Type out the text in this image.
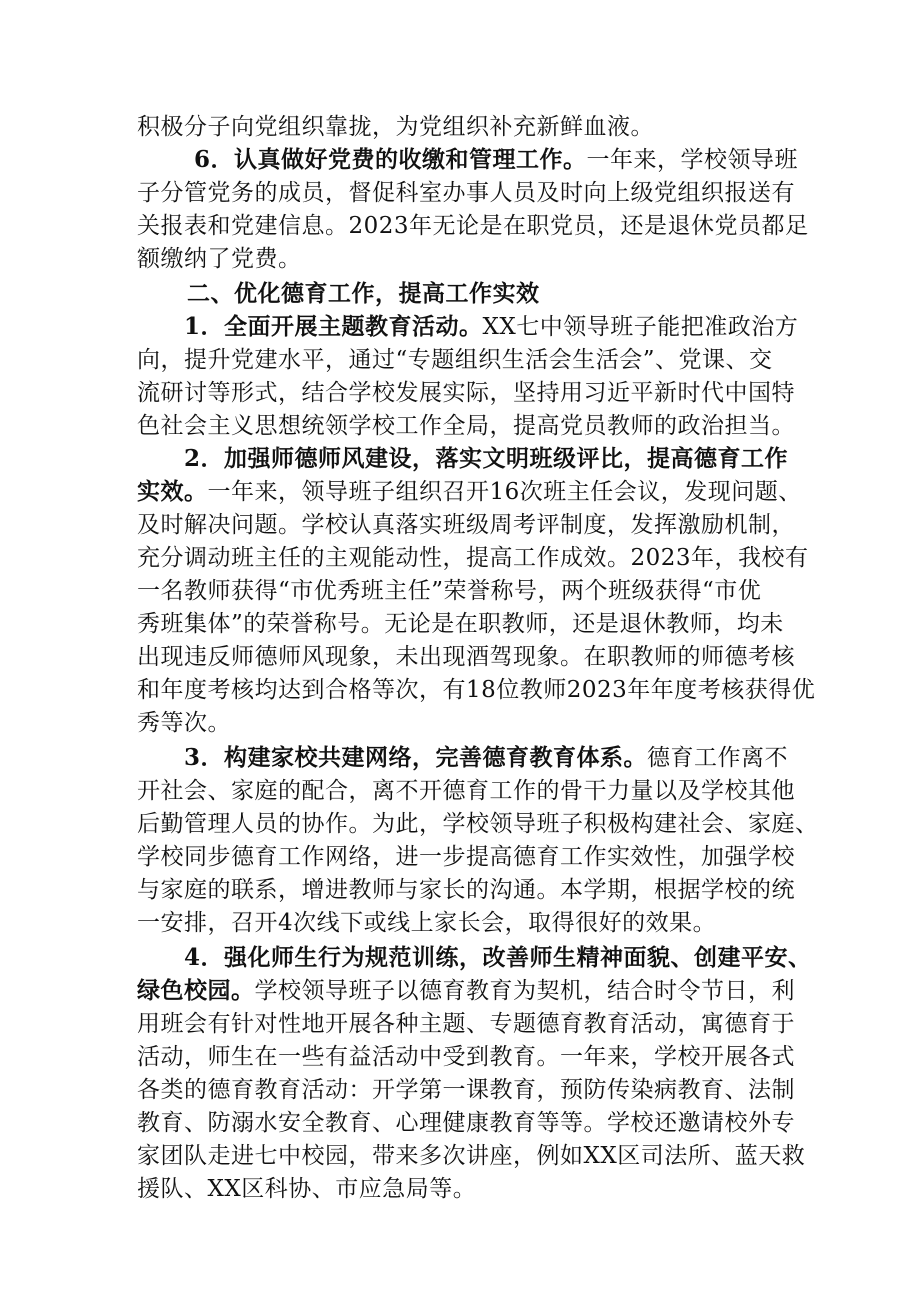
积极分子向党组织靠拢，为党组织补充新鲜血液。
6．认真做好党费的收缴和管理工作。一年来，学校领导班
子分管党务的成员，督促科室办事人员及时向上级党组织报送有
关报表和党建信息。2023年无论是在职党员，还是退休党员都足
额缴纳了党费。
二、优化德育工作，提高工作实效
1．全面开展主题教育活动。XX七中领导班子能把准政治方
向，提升党建水平，通过“专题组织生活会生活会”、党课、交
流研讨等形式，结合学校发展实际，坚持用习近平新时代中国特
色社会主义思想统领学校工作全局，提高党员教师的政治担当。
2．加强师德师风建设，落实文明班级评比，提高德育工作
实效。一年来，领导班子组织召开16次班主任会议，发现问题、
及时解决问题。学校认真落实班级周考评制度，发挥激励机制，
充分调动班主任的主观能动性，提高工作成效。2023年，我校有
一名教师获得“市优秀班主任”荣誉称号，两个班级获得“市优
秀班集体”的荣誉称号。无论是在职教师，还是退休教师，均未
出现违反师德师风现象，未出现酒驾现象。在职教师的师德考核
和年度考核均达到合格等次，有18位教师2023年年度考核获得优
秀等次。
3．构建家校共建网络，完善德育教育体系。德育工作离不
开社会、家庭的配合，离不开德育工作的骨干力量以及学校其他
后勤管理人员的协作。为此，学校领导班子积极构建社会、家庭、
学校同步德育工作网络，进一步提高德育工作实效性，加强学校
与家庭的联系，增进教师与家长的沟通。本学期，根据学校的统
一安排，召开4次线下或线上家长会，取得很好的效果。
4．强化师生行为规范训练，改善师生精神面貌、创建平安、
绿色校园。学校领导班子以德育教育为契机，结合时令节日，利
用班会有针对性地开展各种主题、专题德育教育活动，寓德育于
活动，师生在一些有益活动中受到教育。一年来，学校开展各式
各类的德育教育活动：开学第一课教育，预防传染病教育、法制
教育、防溺水安全教育、心理健康教育等等。学校还邀请校外专
家团队走进七中校园，带来多次讲座，例如XX区司法所、蓝天救
援队、XX区科协、市应急局等。
